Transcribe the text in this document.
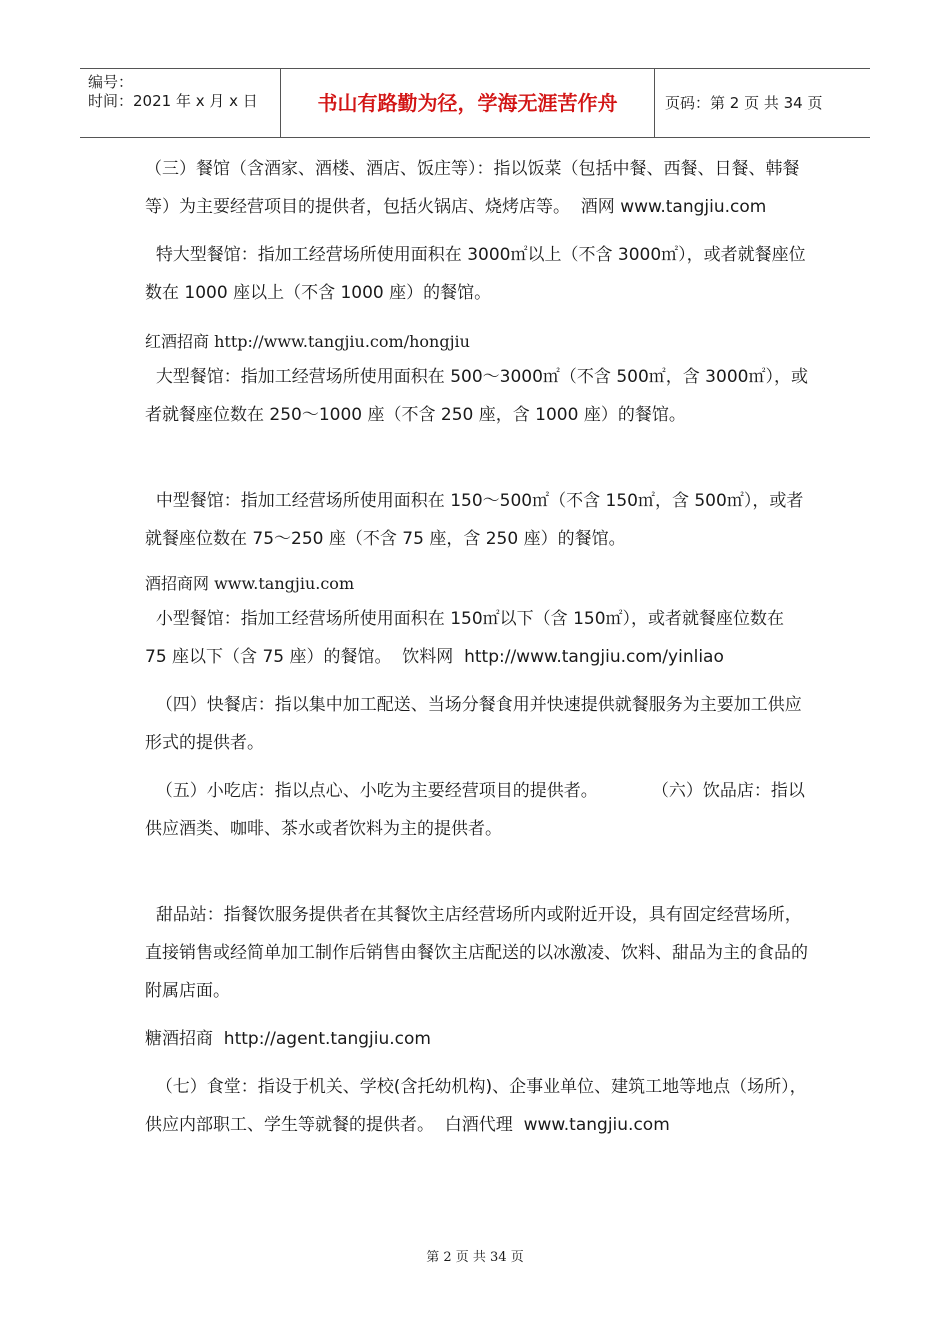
编号：
时间：2021 年 x 月 x 日	书山有路勤为径，学海无涯苦作舟	页码：第 2 页 共 34 页

（三）餐馆（含酒家、酒楼、酒店、饭庄等）：指以饭菜（包括中餐、西餐、日餐、韩餐等）为主要经营项目的提供者，包括火锅店、烧烤店等。  酒网 www.tangjiu.com

特大型餐馆：指加工经营场所使用面积在 3000㎡以上（不含 3000㎡），或者就餐座位数在 1000 座以上（不含 1000 座）的餐馆。

红酒招商 http://www.tangjiu.com/hongjiu

大型餐馆：指加工经营场所使用面积在 500～3000㎡（不含 500㎡，含 3000㎡），或者就餐座位数在 250～1000 座（不含 250 座，含 1000 座）的餐馆。

中型餐馆：指加工经营场所使用面积在 150～500㎡（不含 150㎡，含 500㎡），或者就餐座位数在 75～250 座（不含 75 座，含 250 座）的餐馆。

酒招商网 www.tangjiu.com

小型餐馆：指加工经营场所使用面积在 150㎡以下（含 150㎡），或者就餐座位数在 75 座以下（含 75 座）的餐馆。  饮料网  http://www.tangjiu.com/yinliao

（四）快餐店：指以集中加工配送、当场分餐食用并快速提供就餐服务为主要加工供应形式的提供者。

（五）小吃店：指以点心、小吃为主要经营项目的提供者。          （六）饮品店：指以供应酒类、咖啡、茶水或者饮料为主的提供者。

甜品站：指餐饮服务提供者在其餐饮主店经营场所内或附近开设，具有固定经营场所，直接销售或经简单加工制作后销售由餐饮主店配送的以冰激凌、饮料、甜品为主的食品的附属店面。

糖酒招商  http://agent.tangjiu.com

（七）食堂：指设于机关、学校(含托幼机构)、企事业单位、建筑工地等地点（场所），供应内部职工、学生等就餐的提供者。  白酒代理  www.tangjiu.com

第 2 页 共 34 页
